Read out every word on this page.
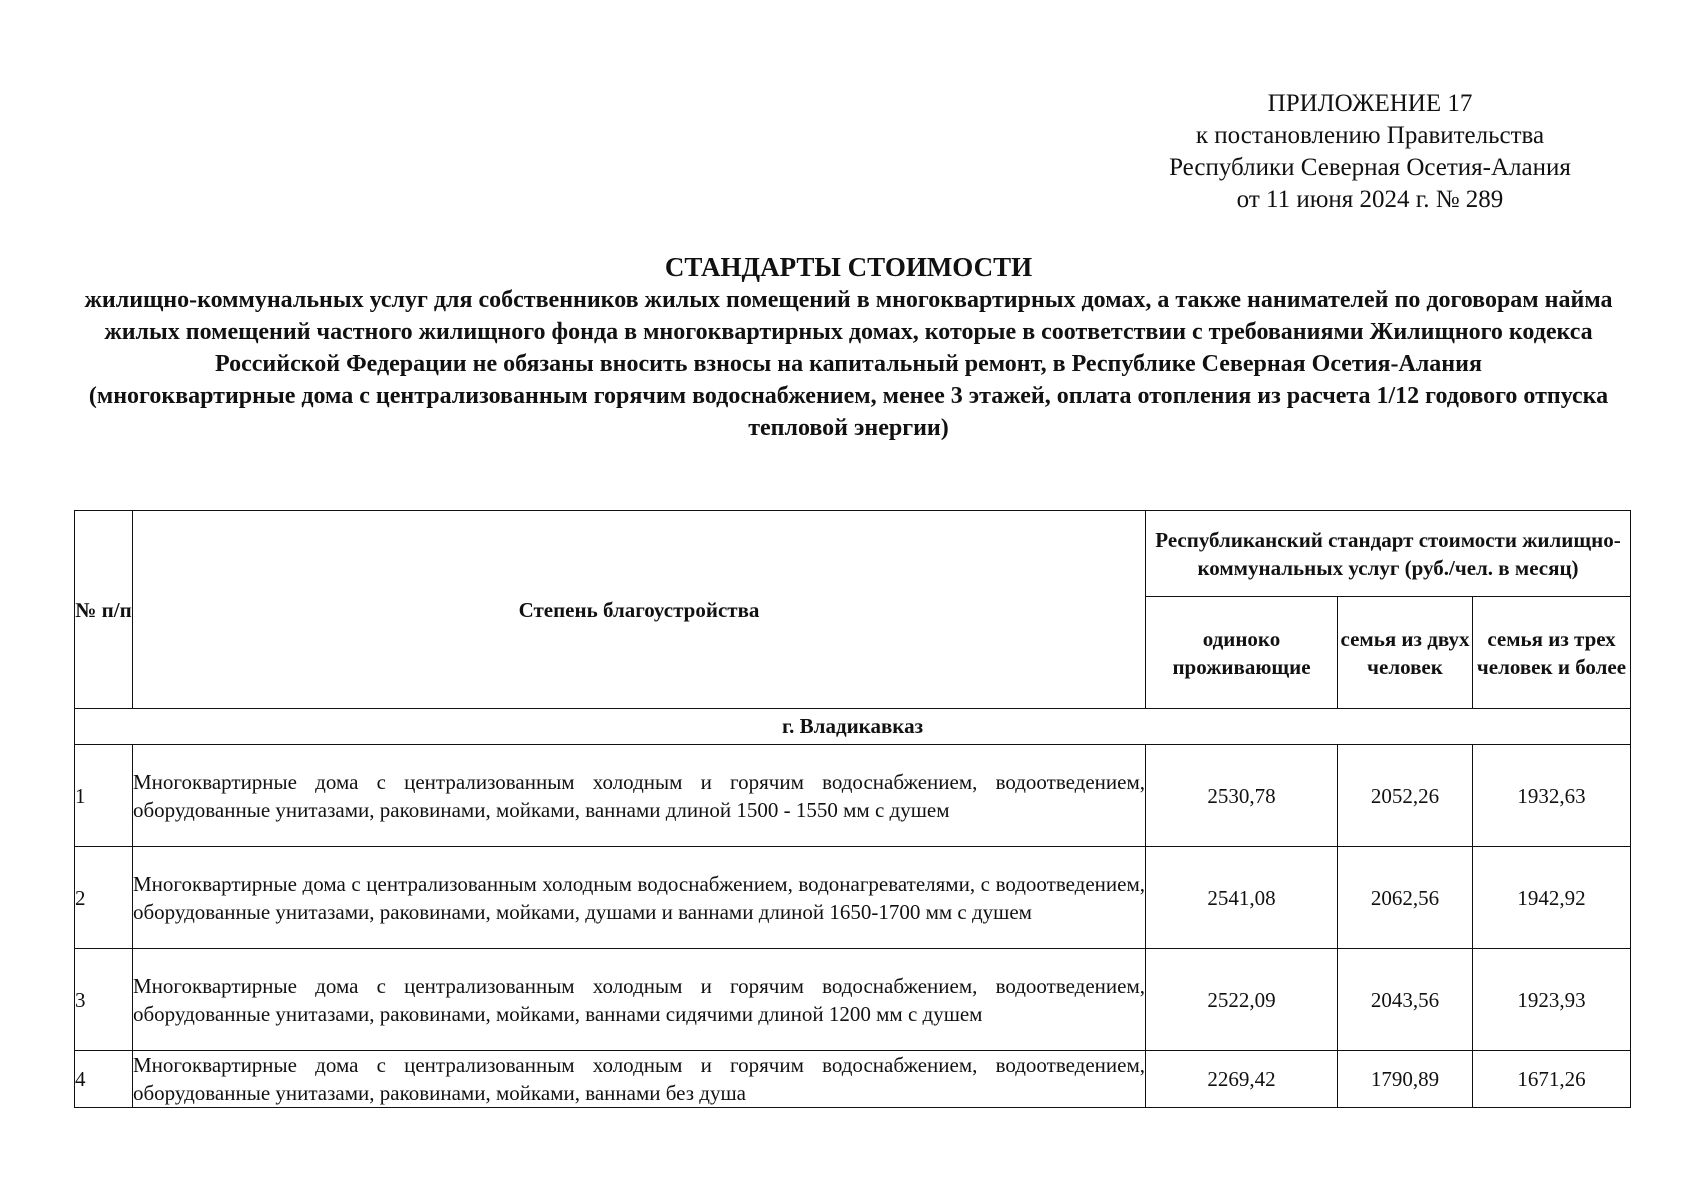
ПРИЛОЖЕНИЕ 17
к постановлению Правительства
Республики Северная Осетия-Алания
от 11 июня 2024 г. № 289
СТАНДАРТЫ СТОИМОСТИ
жилищно-коммунальных услуг для собственников жилых помещений в многоквартирных домах, а также нанимателей по договорам найма жилых помещений частного жилищного фонда в многоквартирных домах, которые в соответствии с требованиями Жилищного кодекса Российской Федерации не обязаны вносить взносы на капитальный ремонт, в Республике Северная Осетия-Алания
(многоквартирные дома с централизованным горячим водоснабжением, менее 3 этажей, оплата отопления из расчета 1/12 годового отпуска тепловой энергии)
№ п/п	Степень благоустройства	Республиканский стандарт стоимости жилищно-коммунальных услуг (руб./чел. в месяц)		
		одиноко проживающие	семья из двух человек	семья из трех человек и более
г. Владикавказ				
1	Многоквартирные дома с централизованным холодным и горячим водоснабжением, водоотведением, оборудованные унитазами, раковинами, мойками, ваннами длиной 1500 - 1550 мм с душем	2530,78	2052,26	1932,63
2	Многоквартирные дома с централизованным холодным водоснабжением, водонагревателями, с водоотведением, оборудованные унитазами, раковинами, мойками, душами и ваннами длиной 1650-1700 мм с душем	2541,08	2062,56	1942,92
3	Многоквартирные дома с централизованным холодным и горячим водоснабжением, водоотведением, оборудованные унитазами, раковинами, мойками, ваннами сидячими длиной 1200 мм с душем	2522,09	2043,56	1923,93
4	Многоквартирные дома с централизованным холодным и горячим водоснабжением, водоотведением, оборудованные унитазами, раковинами, мойками, ваннами без душа	2269,42	1790,89	1671,26
